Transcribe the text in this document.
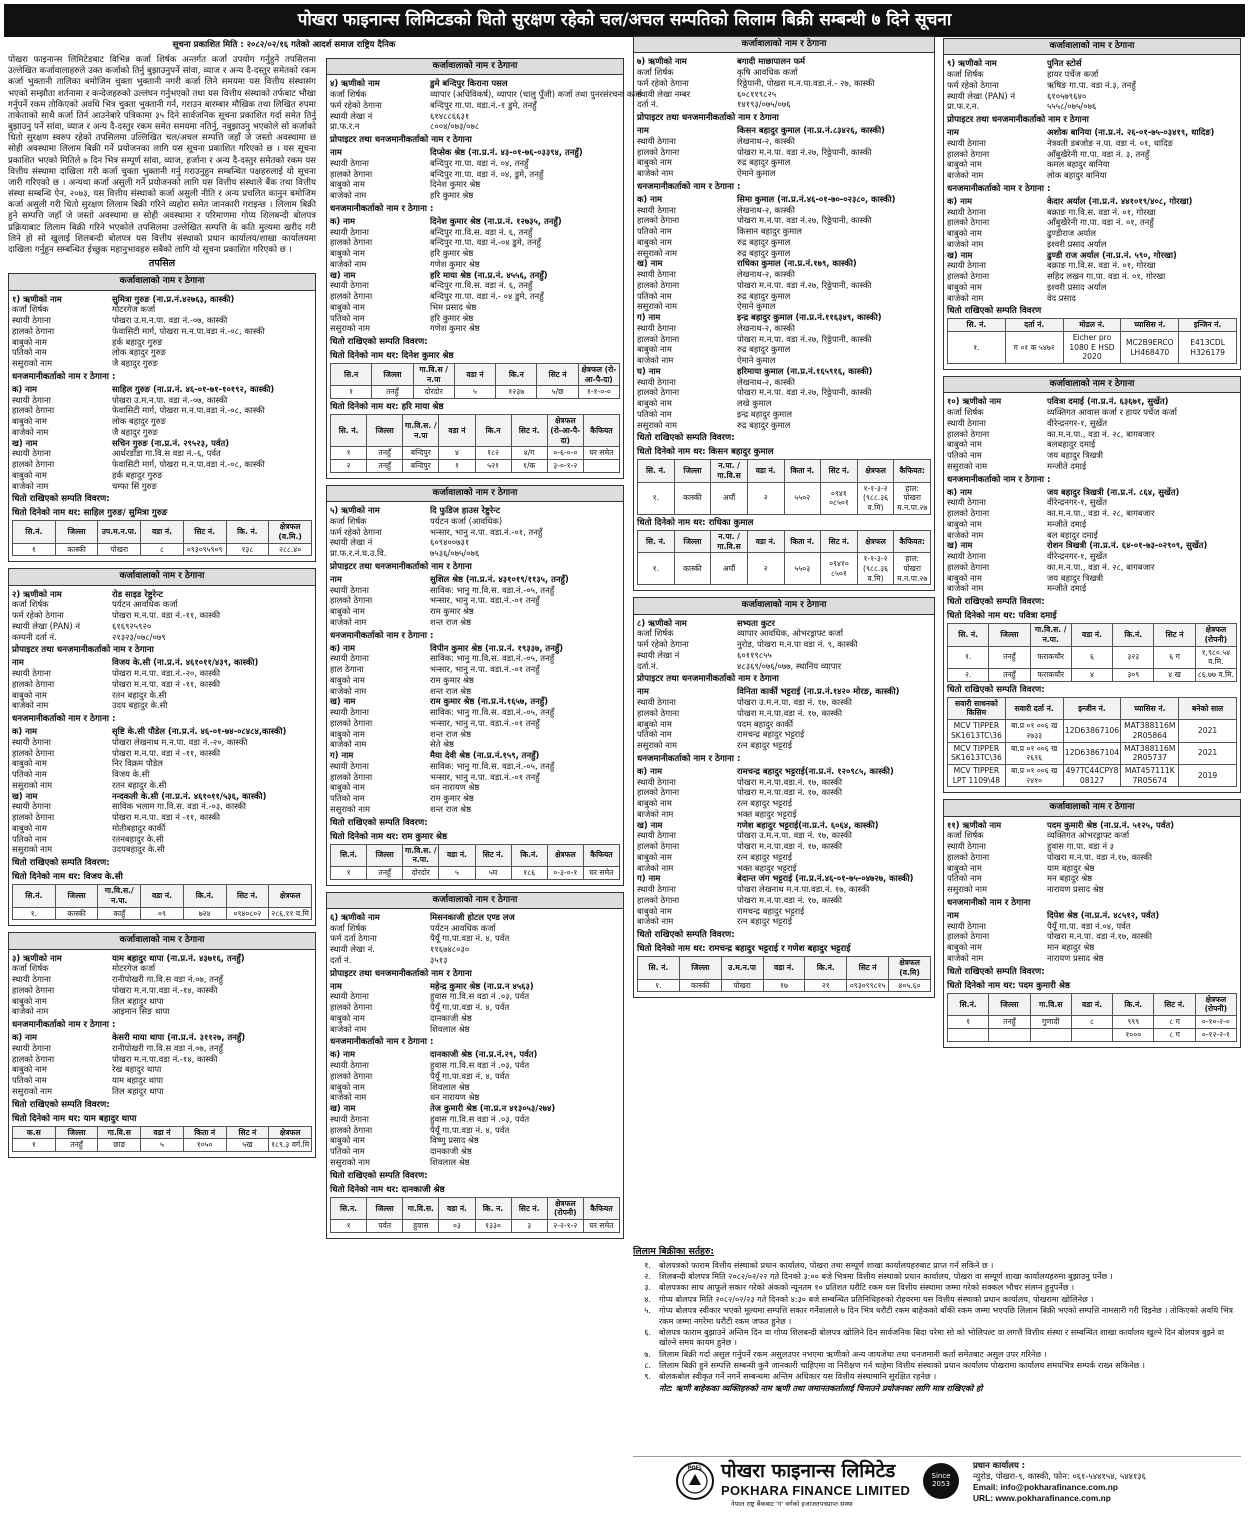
पोखरा फाइनान्स लिमिटडको धितो सुरक्षण रहेको चल/अचल सम्पतिको लिलाम बिक्री सम्बन्धी ७ दिने सूचना
सूचना प्रकाशित मिति : २०८२/०२/१६ गतेको आदर्श समाज राष्ट्रिय दैनिक

पोखरा फाइनान्स लिमिटेडबाट विभिन्न कर्जा शिर्षक अन्तर्गत कर्जा उपयोग गर्नुहुने तपसिलमा उल्लेखित कर्जावालाहरुले उक्त कर्जाको तिर्नु बुझाउनुपर्ने सांवा, व्याज र अन्य दै-दस्तुर समेतको रकम कर्जा भुक्तानी तालिका बमोजिम चुक्ता भुक्तानी नगरी कर्जा लिने समयमा यस वित्तीय संस्थासंग भएको सम्झौता शर्तनामा र कन्देजहरुको उल्लंघन गर्नुभएको तथा यस वित्तीय संस्थाको तर्फबाट भौखा गर्नुपर्ने रकम तोकिएको अवधि भित्र चुक्ता भुक्तानी गर्न, गराउन बारम्बार मौखिक तथा लिखित रुपमा ताकेताको साथै कर्जा तिर्न आउनेबारे पत्रिकामा ३५ दिने सार्वजनिक सूचना प्रकाशित गर्दा समेत तिर्नु बुझाउनु पर्ने सांवा, व्याज र अन्य दै-दस्तुर रकम समेत समयमा नतिर्नु, नबुझाउनु भएकोले सो कर्जाको धितो सुरक्षण स्वरुप रहेको तपसिलमा उल्लिखित चल/अचल सम्पत्ति जहाँ जे जस्तो अवस्थामा छ सोही अवस्थामा लिलाम बिक्री गर्ने प्रयोजनका लागि यस सूचना प्रकाशित गरिएको छ । यस सूचना प्रकाशित भएको मितिले ७ दिन भित्र सम्पूर्ण सांवा, व्याज, हर्जाना र अन्य दै-दस्तुर समेतको रकम यस वित्तीय संस्थामा दाखिला गरी कर्जा चुक्ता भुक्तानी गर्नु गराउनुहुन सम्बन्धित पक्षहरुलाई यो सूचना जारी गरिएको छ । अन्यथा कर्जा असुली गर्ने प्रयोजनको लागि यस वित्तीय संस्थाले बैंक तथा वित्तीय संस्था सम्बन्धि ऐन, २०७३, यस वित्तीय संस्थाको कर्जा असुली नीति र अन्य प्रचलित कानुन बमोजिम कर्जा असुली गरी धितो सुरक्षण लिलाम बिक्री गरिने व्यहोरा समेत जानकारी गराइन्छ । लिलाम बिक्री हुने सम्पत्ति जहाँ जे जस्तो अवस्थामा छ सोही अवस्थामा र परिमाणमा गोप्य शिलबन्दी बोलपत्र प्रक्रियाबाट लिलाम बिक्री गरिने भएकोले तपसिलमा उल्लेखित सम्पत्ति के कति मुल्यमा खरीद गरी लिने हो सो खुलाई शिलबन्दी बोलपत्र यस वित्तीय संस्थाको प्रधान कार्यालय/शाखा कार्यालयमा दाखिला गर्नुहुन सम्बन्धित ईच्छुक महानुभावहरु सबैको लागि यो सूचना प्रकाशित गरिएको छ ।

तपसिल
कर्जावालाको नाम र ठेगाना
१) ऋणीको नाम	सुमित्रा गुरुङ (ना.प्र.नं.४२७६३, कास्की)
कर्जा शिर्षक	मोटरगेज कर्जा
स्थायी ठेगाना	पोखरा उ.म.न.पा. वडा नं.-०७, कास्की
हालको ठेगाना	फेवासिटी मार्ग, पोखरा म.न.पा.वडा नं.-०८, कास्की
बाबुको नाम	हर्क बहादुर गुरुङ
पतिको नाम	लोक बहादुर गुरुङ
ससुराको नाम	जै बहादुर गुरुङ
धनजमानीकर्ताको नाम र ठेगाना :
क) नाम	साहिल गुरुङ (ना.प्र.नं. ४६-०१-७१-१०१९२, कास्की)
स्थायी ठेगाना	पोखरा उ.म.न.पा. वडा नं.-०७, कास्की
हालको ठेगाना	फेवासिटी मार्ग, पोखरा म.न.पा.वडा नं.-०८, कास्की
बाबुको नाम	लोक बहादुर गुरुङ
बाजेको नाम	जै बहादुर गुरुङ
ख) नाम	सचिन गुरुङ (ना.प्र.नं. २९५२३, पर्वत)
स्थायी ठेगाना	आर्थरडाँडा गा.वि.स वडा नं.-६, पर्वत
हालको ठेगाना	फेवासिटी मार्ग, पोखरा म.न.पा.वडा नं.-०८, कास्की
बाबुको नाम	हर्क बहादुर गुरुङ
बाजेको नाम	चम्फा सिं गुरुङ
धितो राखिएको सम्पति विवरण:
धितो दिनेको नाम थर: साहिल गुरुङ/ सुमित्रा गुरुङ
सि.नं.	जिल्ला	उप.म.न.पा.	वडा नं.	सिट नं.	कि. नं.	क्षेत्रफल (व.मि.)
१	कास्की	पोखरा	८	०९३०९५९०९	१३८	२८८.४०
कर्जावालाको नाम र ठेगाना
२) ऋणीको नाम	रोड साइड रेष्टुरेन्ट
कर्जा शिर्षक	पर्यटन आवधिक कर्जा
फर्म रहेको ठेगाना	पोखरा म.न.पा. वडा नं.-११, कास्की
स्थायी लेखा (PAN) नं	६१६९२५९२०
कम्पनी दर्ता नं.	२१३२३/०७८/०७९
प्रोपाइटर तथा धनजमानीकर्ताको नाम र ठेगाना
नाम	विजय के.सी (ना.प्र.नं. ४६१०११/४३९, कास्की)
स्थायी ठेगाना	पोखरा म.न.पा. वडा.नं.-२०, कास्की
हालको ठेगाना	पोखरा म.न.पा. वडा नं -११, कास्की
बाबुको नाम	रतन बहादुर के.सी
बाजेको नाम	उदय बहादुर के.सी
धनजमानीकर्ताको नाम र ठेगाना :
क) नाम	सृष्टि के.सी पौडेल (ना.प्र.नं. ४६-०१-७४-०८४८४,कास्की)
स्थायी ठेगाना	पोखरा लेखनाथ म.न.पा. वडा नं.-२०, कास्की
हालको ठेगाना	पोखरा म.न.पा. वडा नं -११, कास्की
बाबुको नाम	निर विक्रम पौडेल
पतिको नाम	विजय के.सी
ससुराको नाम	रतन बहादुर के.सी
ख) नाम	नन्दकली के.सी (ना.प्र.नं. ४६१०११/५३६, कास्की)
स्थायी ठेगाना	साविक भलाम गा.वि.स. वडा नं.-०३, कास्की
हालको ठेगाना	पोखरा म.न.पा. वडा नं -११, कास्की
बाबुको नाम	मोतीबहादुर कार्की
पतिको नाम	रतनबहादुर के.सी
ससुराको नाम	उदयबहादुर के.सी
धितो राखिएको सम्पति विवरण:
धितो दिनेको नाम थर: विजय के.सी
सि.नं.	जिल्ला	गा.वि.स./ न.पा.	वडा नं.	कि.नं.	सिट नं.	क्षेत्रफल
१.	कास्की	काहुँ	०९	७२४	०९४०८०२	२८६.११ व.मि
कर्जावालाको नाम र ठेगाना
३) ऋणीको नाम	याम बहादुर थापा (ना.प्र.नं. ४३७१६, तनहुँ)
कर्जा शिर्षक	मोटरगेज कर्जा
स्थायी ठेगाना	रानीपोखरी गा.वि.स वडा नं.०७, तनहुँ
हालको ठेगाना	पोखरा म.न.पा.वडा नं.-१४, कास्की
बाबुको नाम	तिल बहादुर थापा
बाजेको नाम	आइमान सिङ थापा
धनजमानीकर्ताको नाम र ठेगाना :
क) नाम	केसरी माया थापा (ना.प्र.नं. ३११२७, तनहुँ)
स्थायी ठेगाना	रानीपोखरी गा.वि.स वडा नं.०७, तनहुँ
हालको ठेगाना	पोखरा म.न.पा.वडा नं.-१४, कास्की
बाबुको नाम	रेख बहादुर थापा
पतिको नाम	याम बहादुर थापा
ससुराको नाम	तिल बहादुर थापा
धितो राखिएको सम्पति विवरण:
धितो दिनेको नाम थर: याम बहादुर थापा
क.स	जिल्ला	गा.वि.स	वडा नं	किता नं	सिट नं	क्षेत्रफल
१	तनहुँ	छाङ	५	१०५०	५ख	१८९.३ वर्ग.मि
कर्जावालाको नाम र ठेगाना
४) ऋणीको नाम	डुमे बन्दिपुर किराना पसल
कर्जा शिर्षक	व्यापार (अधिविकर्ष), व्यापार (चालु पूँजी) कर्जा तथा पुनरसंरचना कर्जा
फर्म रहेको ठेगाना	बन्दिपुर गा.पा. वडा.नं.-१ डुमे, तनहुँ
स्थायी लेखा नं	६१४८८६६३१
प्रा.फ.र.न	८००४/०७३/०७८
प्रोपाइटर तथा धनजमानीकर्ताको नाम र ठेगाना
नाम	दिप्सेक श्रेष्ठ (ना.प्र.नं. ४३-०१-७६-०३३९४, तनहुँ)
स्थायी ठेगाना	बन्दिपुर गा.पा. वडा नं. ०४, तनहुँ
हालको ठेगाना	बन्दिपुर गा.पा. वडा नं. ०४, डुमे, तनहुँ
बाबुको नाम	दिनेश कुमार श्रेष्ठ
बाजेको नाम	हरि कुमार श्रेष्ठ
धनजमानीकर्ताको नाम र ठेगाना :
क) नाम	दिनेश कुमार श्रेष्ठ (ना.प्र.नं. १२७३५, तनहुँ)
स्थायी ठेगाना	बन्दिपुर गा.वि.स. वडा नं. ६, तनहुँ
हालको ठेगाना	बन्दिपुर गा.पा. वडा नं.-०४ डुमे, तनहुँ
बाबुको नाम	हरि कुमार श्रेष्ठ
बाजेको नाम	गणेश कुमार श्रेष्ठ
ख) नाम	हरि माया श्रेष्ठ (ना.प्र.नं. ४५५६, तनहुँ)
स्थायी ठेगाना	बन्दिपुर गा.वि.स. वडा नं. ६, तनहुँ
हालको ठेगाना	बन्दिपुर गा.पा. वडा नं.- ०४ डुमे, तनहुँ
बाबुको नाम	भिम प्रसाद श्रेष्ठ
पतिको नाम	हरि कुमार श्रेष्ठ
ससुराको नाम	गणेश कुमार श्रेष्ठ
धितो राखिएको सम्पति विवरण:
धितो दिनेको नाम थर: दिनेश कुमार श्रेष्ठ
सि.न	जिल्ला	गा.वि.स / न.पा	वडा नं	कि.न	सिट नं	क्षेत्रफल (रो-आ-पै-दा)
१	तनहुँ	दोरदोर	५	१२३७	५/छ	१-१-०-०
धितो दिनेको नाम थर: हरि माया श्रेष्ठ
सि. नं.	जिल्ला	गा.वि.स. /न.पा	वडा नं	कि.न	सिट नं.	क्षेत्रफल (रो-आ-पै-दा)	कैफियत
१	तनहुँ	बन्दिपुर	४	१८२	४/ग	०-६-०-०	घर समेत
२	तनहुँ	बन्दिपुर	१	५२१	१/क	३-०-१-२	
कर्जावालाको नाम र ठेगाना
५) ऋणीको नाम	दि फुडिज हाउस रेष्टुरेन्ट
कर्जा शिर्षक	पर्यटन कर्जा (आवधिक)
फर्म रहेको ठेगाना	भन्सार, भानु न.पा. वडा.नं.-०१, तनहुँ
स्थायी लेखा नं	६०९४००७३१
प्रा.फ.र.नं.घ.उ.वि.	७५३६/०७५/०७६
प्रोपाइटर तथा धनजमानीकर्ताको नाम र ठेगाना
नाम	सुशिल श्रेष्ठ (ना.प्र.नं. ४३१०१९/११३५, तनहुँ)
स्थायी ठेगाना	साविक: भानु गा.वि.स. वडा.नं.-०५, तनहुँ
हालको ठेगाना	भन्सार, भानु न.पा. वडा.नं.-०१ तनहुँ
बाबुको नाम	राम कुमार श्रेष्ठ
बाजेको नाम	शन्त राज श्रेष्ठ
धनजमानीकर्ताको नाम र ठेगाना :
क) नाम	विपीन कुमार श्रेष्ठ (ना.प्र.नं. १९३३७, तनहुँ)
स्थायी ठेगाना	साविक: भानु गा.वि.स. वडा.नं.-०५, तनहुँ
हाल ठेगाना	भन्सार, भानु न.पा. वडा.नं.-०१ तनहुँ
बाबुको नाम	राम कुमार श्रेष्ठ
बाजेको नाम	शन्त राज श्रेष्ठ
ख) नाम	राम कुमार श्रेष्ठ (ना.प्र.नं.१६५७, तनहुँ)
स्थायी ठेगाना	साविक: भानु गा.वि.स. वडा.नं.-०५, तनहुँ
हालको ठेगाना	भन्सार, भानु न.पा. वडा.नं.-०१ तनहुँ
बाबुको नाम	शन्त राज श्रेष्ठ
बाजेको नाम	सेते श्रेष्ठ
ग) नाम	मैया देवी श्रेष्ठ (ना.प्र.नं.१५९, तनहुँ)
स्थायी ठेगाना	साविक: भानु गा.वि.स. वडा.नं.-०५, तनहुँ
हालको ठेगाना	भन्सार, भानु न.पा. वडा.नं.-०१ तनहुँ
बाबुको नाम	धन नारायण श्रेष्ठ
पतिको नाम	राम कुमार श्रेष्ठ
ससुराको नाम	शन्त राज श्रेष्ठ
धितो राखिएको सम्पति विवरण:
धितो दिनेको नाम थर: राम कुमार श्रेष्ठ
सि.नं.	जिल्ला	गा.वि.स. /न.पा.	वडा नं.	सिट नं.	कि.नं.	क्षेत्रफल	कैफियत
१	तनहुँ	दोरदोर	५	५घ	१८६	०-३-०-१	घर समेत
कर्जावालाको नाम र ठेगाना
६) ऋणीको नाम	मिसनकाजी होटल एण्ड लज
कर्जा शिर्षक	पर्यटन आवधिक कर्जा
फर्म दर्ता ठेगाना	पैयूँ गा.पा.वडा नं. ४, पर्वत
स्थायी लेखा नं.	११६७४८०३०
दर्ता नं.	३५१३
प्रोपाइटर तथा धनजमानीकर्ताको नाम र ठेगाना
नाम	महेन्द्र कुमार श्रेष्ठ (ना.प्र.न ४५६३)
स्थायी ठेगाना	हुवास गा.वि.स वडा नं .०३, पर्वत
हालको ठेगाना	पैयूँ गा.पा.वडा नं. ४, पर्वत
बाबुको नाम	दानकाजी श्रेष्ठ
बाजेको नाम	शिवलाल श्रेष्ठ
धनजमानीकर्ताको नाम र ठेगाना :
क) नाम	दानकाजी श्रेष्ठ (ना.प्र.नं.२९, पर्वत)
स्थायी ठेगाना	हुवास गा.वि.स वडा नं .०३, पर्वत
हालको ठेगाना	पैयूँ गा.पा.वडा नं. ४, पर्वत
बाबुको नाम	शिवलाल श्रेष्ठ
बाजेको नाम	धन नारायण श्रेष्ठ
ख) नाम	तेज कुमारी श्रेष्ठ (ना.प्र.न ४१३०५३/२७४)
स्थायी ठेगाना	हुवास गा.वि.स वडा नं .०३, पर्वत
हालको ठेगाना	पैयूँ गा.पा.वडा नं. ४, पर्वत
बाबुको नाम	विष्णु प्रसाद श्रेष्ठ
पतिको नाम	दानकाजी श्रेष्ठ
ससुराको नाम	शिवलाल श्रेष्ठ
धितो राखिएको सम्पति विवरण:
धितो दिनेको नाम थर: दानकाजी श्रेष्ठ
सि.न.	जिल्ला	गा.वि.स.	वडा नं.	कि. न.	सिट नं.	क्षेत्रफल (रोपनी)	कैफियत
१	पर्वत	हुवास	०३	१३३०	३	२-२-१-२	घर समेत
कर्जावालाको नाम र ठेगाना
७) ऋणीको नाम	बगादी माछापालन फर्म
कर्जा शिर्षक	कृषि आवधिक कर्जा
फर्म रहेको ठेगाना	रिठ्ठेपानी, पोखरा म.न.पा.वडा.नं.- २७, कास्की
स्थायी लेखा नम्बर	६०८११९८२५
दर्ता नं.	१४१९३/०७५/०७६
प्रोपाइटर तथा धनजमानीकर्ताको नाम र ठेगाना
नाम	किसन बहादुर कुमाल (ना.प्र.नं.८३४२६, कास्की)
स्थायी ठेगाना	लेखनाथ-२, कास्की
हालको ठेगाना	पोखरा म.न.पा. वडा नं.२७, रिठ्ठेपानी, कास्की
बाबुको नाम	रुद्र बहादुर कुमाल
बाजेको नाम	ऐमाने कुमाल
धनजमानीकर्ताको नाम र ठेगाना :
क) नाम	सिमा कुमाल (ना.प्र.नं.४६-०१-७०-०२३८०, कास्की)
स्थायी ठेगाना	लेखनाथ-२, कास्की
हालको ठेगाना	पोखरा म.न.पा. वडा नं.२७, रिठ्ठेपानी, कास्की
पतिको नाम	किसान बहादुर कुमाल
बाबुको नाम	रुद्र बहादुर कुमाल
ससुराको नाम	रुद्र बहादुर कुमाल
ख) नाम	राधिका कुमाल (ना.प्र.नं.१७९, कास्की)
स्थायी ठेगाना	लेखनाथ-२, कास्की
हालको ठेगाना	पोखरा म.न.पा. वडा नं.२७, रिठ्ठेपानी, कास्की
पतिको नाम	रुद्र बहादुर कुमाल
ससुराको नाम	ऐमाने कुमाल
ग) नाम	इन्द्र बहादुर कुमाल (ना.प्र.नं.११६३४९, कास्की)
स्थायी ठेगाना	लेखनाथ-२, कास्की
हालको ठेगाना	पोखरा म.न.पा. वडा नं.२७, रिठ्ठेपानी, कास्की
बाबुको नाम	रुद्र बहादुर कुमाल
बाजेको नाम	ऐमाने कुमाल
घ) नाम	हरिमाया कुमाल (ना.प्र.नं.१६५९१६, कास्की)
स्थायी ठेगाना	लेखनाथ-२, कास्की
हालको ठेगाना	पोखरा म.न.पा. वडा नं.२७, रिठ्ठेपानी, कास्की
बाबुको नाम	लखे कुमाल
पतिको नाम	इन्द्र बहादुर कुमाल
ससुराको नाम	रुद्र बहादुर कुमाल
धितो राखिएको सम्पति विवरण:
धितो दिनेको नाम थर: किसन बहादुर कुमाल
सि. नं.	जिल्ला	न.पा. /गा.वि.स	वडा नं.	किता नं.	सिट नं.	क्षेत्रफल	कैफियत:
१.	कास्की	अर्घौ	२	५५०२	०९४१ ०८५०१	१-१-३-२ (९८८.३६ व.मि)	हाल: पोखरा म.न.पा.२७
धितो दिनेको नाम थर: राधिका कुमाल
सि. नं.	जिल्ला	न.पा. /गा.वि.स	वडा नं.	किता नं.	सिट नं.	क्षेत्रफल	कैफियत:
१.	कास्की	अर्घौ	२	५५०३	०९४१० ८५०१	१-१-३-२ (९८८.३६ व.मि)	हाल: पोखरा म.न.पा.२७
कर्जावालाको नाम र ठेगाना
८) ऋणीको नाम	सभ्यता कुटर
कर्जा शिर्षक	व्यापार आवधिक, ओभरड्राफ्ट कर्जा
फर्म रहेको ठेगाना	नुरोड, पोखरा म.न.पा वडा नं. ९, कास्की
स्थायी लेखा नं	६०११९८५५
दर्ता.नं.	४८३६९/०७६/०७७, स्थानिय व्यापार
प्रोपाइटर तथा धनजमानीकर्ताको नाम र ठेगाना
नाम	विनिता कार्की भट्टराई (ना.प्र.नं.१४२० मोरङ, कास्की)
स्थायी ठेगाना	पोखरा उ.म.न.पा. वडा नं. १७, कास्की
हालको ठेगाना	पोखरा म.न.पा.वडा नं. १७, कास्की
बाबुको नाम	पदम बहादुर कार्की
पतिको नाम	रामचन्द्र बहादुर भट्टराई
ससुराको नाम	रत्न बहादुर भट्टराई
धनजमानीकर्ताको नाम र ठेगाना :
क) नाम	रामचन्द्र बहादुर भट्टराई(ना.प्र.नं. १२०९८५, कास्की)
स्थायी ठेगाना	पोखरा म.न.पा.वडा.नं. १७, कास्की
हालको ठेगाना	पोखरा म.न.पा.वडा नं. १७, कास्की
बाबुको नाम	रत्न बहादुर भट्टराई
बाजेको नाम	भक्त बहादुर भट्टराई
ख) नाम	गणेश बहादुर भट्टराई(ना.प्र.नं. ६०६४, कास्की)
स्थायी ठेगाना	पोखरा उ.म.न.पा. वडा नं. १७, कास्की
हालको ठेगाना	पोखरा म.न.पा.वडा नं. १७, कास्की
बाबुको नाम	रत्न बहादुर भट्टराई
बाजेको नाम	भक्त बहादुर भट्टराई
ग) नाम	बेदान्त जंग भट्टराई (ना.प्र.नं.४६-०१-७५-०४७२७, कास्की)
स्थायी ठेगाना	पोखरा लेखनाथ म.न.पा.वडा.नं. १७, कास्की
हालको ठेगाना	पोखरा म.न.पा.वडा नं. १७, कास्की
बाबुको नाम	रामचन्द्र बहादुर भट्टराई
बाजेको नाम	रत्न बहादुर भट्टराई
धितो राखिएको सम्पति विवरण:
धितो दिनेको नाम थर: रामचन्द्र बहादुर भट्टराई र गणेश बहादुर भट्टराई
सि. नं.	जिल्ला	उ.म.न.पा	वडा नं.	कि.नं.	सिट नं	क्षेत्रफल (व.मि)
१.	कास्की	पोखरा	१७	२१	०९३०९९८१५	४०५.६०
कर्जावालाको नाम र ठेगाना
९) ऋणीको नाम	पुनित स्टोर्स
कर्जा शिर्षक	हायर पर्चेज कर्जा
फर्म रहेको ठेगाना	ऋषिङ गा.पा. वडा नं.३, तनहुँ
स्थायी लेखा (PAN) नं	६१०५७९६४०
प्रा.फ.र.न.	५५५८/०७५/०७६
प्रोपाइटर तथा धनजमानीकर्ताको नाम र ठेगाना
नाम	अशोक बानिया (ना.प्र.नं. २६-०१-७५-०३४१९, धादिङ)
स्थायी ठेगाना	नेत्रवती डबजोङ न.पा. वडा नं. ०१, धादिङ
हालको ठेगाना	आँबुखैरेनी गा.पा. वडा नं. ३, तनहुँ
बाबुको नाम	कमल बहादुर बानिया
बाजेको नाम	लोक बहादुर बानिया
धनजमानीकर्ताको नाम र ठेगाना :
क) नाम	केदार अर्याल (ना.प्र.नं. ४४१०१९/४०८, गोरखा)
स्थायी ठेगाना	बक्राङ गा.वि.स. वडा नं. ०१, गोरखा
हालको ठेगाना	आँबुखैरेनी गा.पा. वडा नं. ०१, तनहुँ
बाबुको नाम	ढुण्डीराज अर्याल
बाजेको नाम	इश्वरी प्रसाद अर्याल
ख) नाम	ढुण्डी राज अर्याल (ना.प्र.नं. ५९०, गोरखा)
स्थायी ठेगाना	बक्राङ गा.वि.स. वडा नं. ०१, गोरखा
हालको ठेगाना	सहिद लखन गा.पा. वडा नं. ०१, गोरखा
बाबुको नाम	इश्वरी प्रसाद अर्याल
बाजेको नाम	वेद प्रसाद
धितो राखिएको सम्पति विवरण
सि. नं.	दर्ता नं.	मोडल नं.	च्यासिस नं.	इन्जिन नं.
१.	ग ०१ क ५४७२	Eicher pro 1080 E HSD 2020	MC2B9ERCO LH468470	E413CDL H326179
कर्जावालाको नाम र ठेगाना
१०) ऋणीको नाम	पवित्रा दमाई (ना.प्र.नं. ६३६७१, सुर्खेत)
कर्जा शिर्षक	व्यक्तिगत आवास कर्जा र हायर पर्चेज कर्जा
स्थायी ठेगाना	वीरेन्द्रनगर-१, सुर्खेत
हालको ठेगाना	का.म.न.पा., वडा नं. २८, बागबजार
बाबुको नाम	बलबहादुर दमाई
पतिको नाम	जय बहादुर त्रिखत्री
ससुराको नाम	मन्जीते दमाई
धनजमानीकर्ताको नाम र ठेगाना :
क) नाम	जय बहादुर त्रिखत्री (ना.प्र.नं. ८६४, सुर्खेत)
स्थायी ठेगाना	वीरेन्द्रनगर-१, सुर्खेत
हालको ठेगाना	का.म.न.पा., वडा नं. २८, बागबजार
बाबुको नाम	मन्जीते दमाई
बाजेको नाम	बल बहादुर दमाई
ख) नाम	रोशन त्रिखत्री (ना.प्र.नं. ६४-०१-७३-०२९०९, सुर्खेत)
स्थायी ठेगाना	वीरेन्द्रनगर-१, सुर्खेत
हालको ठेगाना	का.म.न.पा., वडा नं. २८, बागबजार
बाबुको नाम	जय बहादुर त्रिखत्री
बाजेको नाम	मन्जीते दमाई
धितो राखिएको सम्पति विवरण:
धितो दिनेको नाम थर: पवित्रा दमाई
सि. नं.	जिल्ला	गा.वि.स. /न.पा.	वडा नं.	कि.नं.	सिट नं	क्षेत्रफल (रोपनी)
१.	तनहुँ	फराकचौर	६	३२३	६ ग	१,९८०.५४ व.मि.
२.	तनहुँ	फराकचौर	४	३०९	४ ख	८६.७७ व.मि.
धितो राखिएको सम्पति विवरण:
सवारी साधनको किसिम	सवारी दर्ता नं.	इन्जीन नं.	च्यासिस नं.	बनेको साल
MCV TIPPER SK1613TC\36	बा.प्र ०१ ००६ ख २७३३	12D63867106	MAT388116M 2R05864	2021
MCV TIPPER SK1613TC\36	बा.प्र ०१ ००६ ख २६१६	12D63867104	MAT388116M 2R05737	2021
MCV TIPPER LPT 1109\48	बा.प्र ०१ ००६ ख २४१०	497TC44CPY808127	MAT457111K 7R05674	2019
कर्जावालाको नाम र ठेगाना
११) ऋणीको नाम	पदम कुमारी श्रेष्ठ (ना.प्र.नं. ५१२५, पर्वत)
कर्जा शिर्षक	व्यक्तिगत ओभरड्राफ्ट कर्जा
स्थायी ठेगाना	हुवास गा.पा. वडा नं ३
हालको ठेगाना	पोखरा म.न.पा. वडा नं.१७, कास्की
बाबुको नाम	याम बहादुर श्रेष्ठ
पतिको नाम	मन बहादुर श्रेष्ठ
ससुराको नाम	नारायण प्रसाद श्रेष्ठ
धनजमानीको नाम र ठेगाना
नाम	दिपेश श्रेष्ठ (ना.प्र.नं. ४८५१२, पर्वत)
स्थायी ठेगाना	पैयूँ गा.पा. वडा नं.०४, पर्वत
हालको ठेगाना	पोखरा म.न.पा. वडा नं.१७, कास्की
बाबुको नाम	मान बहादुर श्रेष्ठ
बाजेको नाम	नारायण प्रसाद श्रेष्ठ
धितो राखिएको सम्पति विवरण:
धितो दिनेको नाम थर: पदम कुमारी श्रेष्ठ
सि.नं.	जिल्ला	गा.वि.स	वडा नं.	कि.नं.	सिट नं.	क्षेत्रफल (रोपनी)
१	तनहुँ	गुणादी	८	९९९	८ ग	०-१०-२-०
				१०००	८ ग	०-१२-२-१
लिलाम बिक्रीका सर्तहरु:
१. बोलपत्रको फाराम वित्तीय संस्थाको प्रधान कार्यालय, पोखरा तथा सम्पूर्ण शाखा कार्यालयहरुबाट प्राप्त गर्न सकिने छ ।
२. शिलबन्दी बोलपत्र मिति २०८२/०२/२२ गते दिनको ३:०० बजे भित्रमा वित्तीय संस्थाको प्रधान कार्यालय, पोखरा वा सम्पूर्ण शाखा कार्यालयहरुमा बुझाउनु पर्नेछ ।
३. बोलपत्रका साथ आफूले सकार गरेको अंकको न्यूनतम १० प्रतिशत धरौटि रकम यस वित्तीय संस्थामा जम्मा गरेको सक्कल भौचर संलग्न हुनुपर्नेछ ।
४. गोप्य बोलपत्र मिति २०८२/०२/२३ गते दिनको ४:३० बजे सम्बन्धित प्रतिनिधिहरुको रोहवरमा यस वित्तीय संस्थाको प्रधान कार्यालय, पोखरामा खोलिनेछ ।
५. गोप्य बोलपत्र स्वीकार भएको मूल्यमा सम्पत्ति सकार गर्नेवालाले ७ दिन भित्र धरौटी रकम बाहेकको बाँकी रकम जम्मा भएपछि लिलाम बिक्री भएको सम्पत्ति नामसारी गरी दिइनेछ । तोकिएको अवधि भित्र रकम जम्मा नगरेमा धरौटी रकम जफत हुनेछ ।
६. बोलपत्र फाराम बुझाउने अन्तिम दिन वा गोप्य शिलबन्दी बोलपत्र खोलिने दिन सार्वजनिक बिदा परेमा सो को भोलिपल्ट वा लगत्तै वित्तीय संस्था र सम्बन्धित शाखा कार्यालय खुल्ने दिन बोलपत्र बुझ्ने वा खोल्ने समय कायम हुनेछ ।
७. लिलाम बिक्री गर्दा असुल गर्नुपर्ने रकम असुलउपर नभएमा ऋणीको अन्य जायजेथा तथा धनजमानी कर्ता समेतबाट असुल उपर गरिनेछ ।
८. लिलाम बिक्री हुने सम्पत्ति सम्बन्धी कुनै जानकारी चाहिएमा वा निरीक्षण गर्न चाहेमा वित्तीय संस्थाको प्रधान कार्यालय पोखरामा कार्यालय समयभित्र सम्पर्क राख्न सकिनेछ ।
९. बोलकबोल स्वीकृत गर्ने नगर्ने सम्बन्धमा अन्तिम अधिकार यस वित्तीय संस्थामानि सुरक्षित रहनेछ ।
नोट: ऋणी बाहेकका व्यक्तिहरुको नाम ऋणी तथा जमानतकर्तालाई चिनाउने प्रयोजनका लागि मात्र राखिएको हो
POFL पोखरा फाइनान्स लिमिटेड
POKHARA FINANCE LIMITED
नेपाल राष्ट्र बैंकबाट 'ग' वर्गको इजाजतपत्रप्राप्त संस्था
Since
2053
प्रधान कार्यालय :
न्युरोड, पोखरा-९, कास्की, फोन: ०६१-५४४१५४, ५४४१३६
Email: info@pokharafinance.com.np
URL: www.pokharafinance.com.np
